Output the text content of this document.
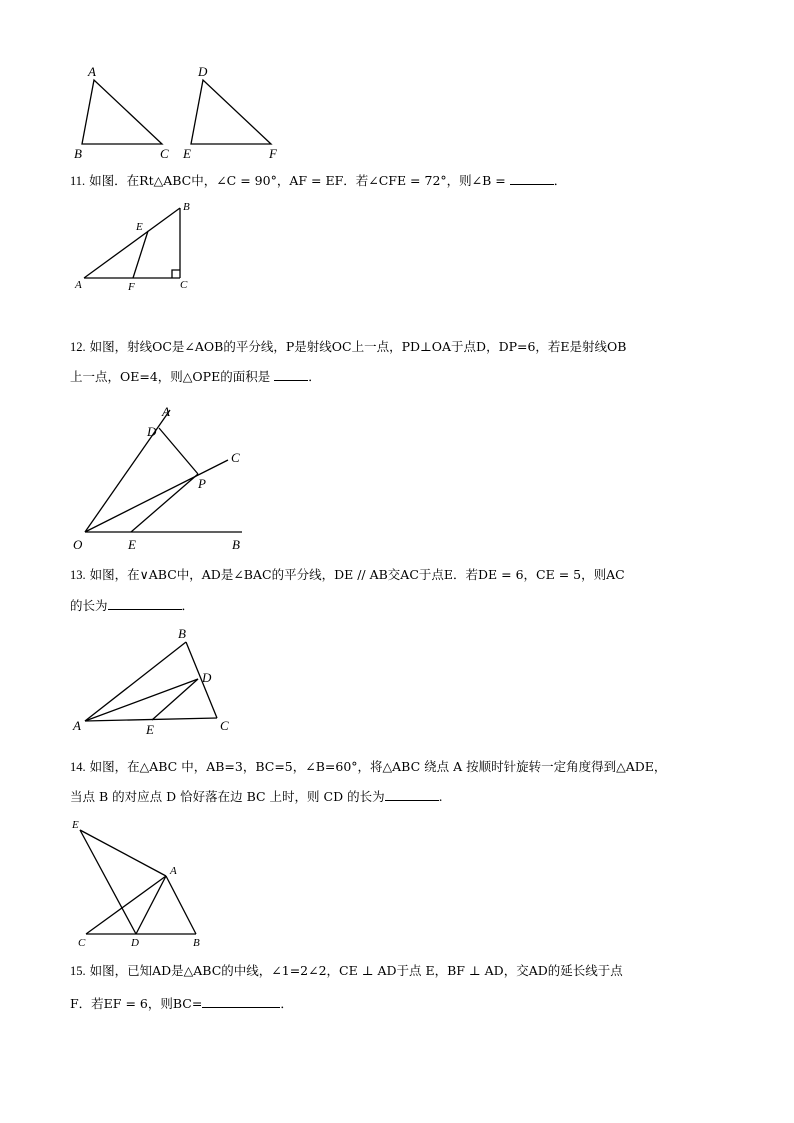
A
B	C
D
E	F
11. 如图．在Rt△ABC中，∠C = 90°，AF = EF．若∠CFE = 72°，则∠B =	．
A
B
C
E
F
12. 如图，射线OC是∠AOB的平分线，P是射线OC上一点，PD⊥OA于点D，DP=6，若E是射线OB
上一点，OE=4，则△OPE的面积是	．
A
D
C
P
O	E	B
13. 如图，在∨ABC中，AD是∠BAC的平分线，DE // AB交AC于点E．若DE = 6，CE = 5，则AC
的长为	．
B
D
A	E	C
14. 如图，在△ABC 中，AB=3，BC=5，∠B=60°，将△ABC 绕点 A 按顺时针旋转一定角度得到△ADE，
当点 B 的对应点 D 恰好落在边 BC 上时，则 CD 的长为	.
E
A
C	D	B
15. 如图，已知AD是△ABC的中线，∠1=2∠2，CE ⊥ AD于点 E，BF ⊥ AD，交AD的延长线于点
F．若EF = 6，则BC=	．
